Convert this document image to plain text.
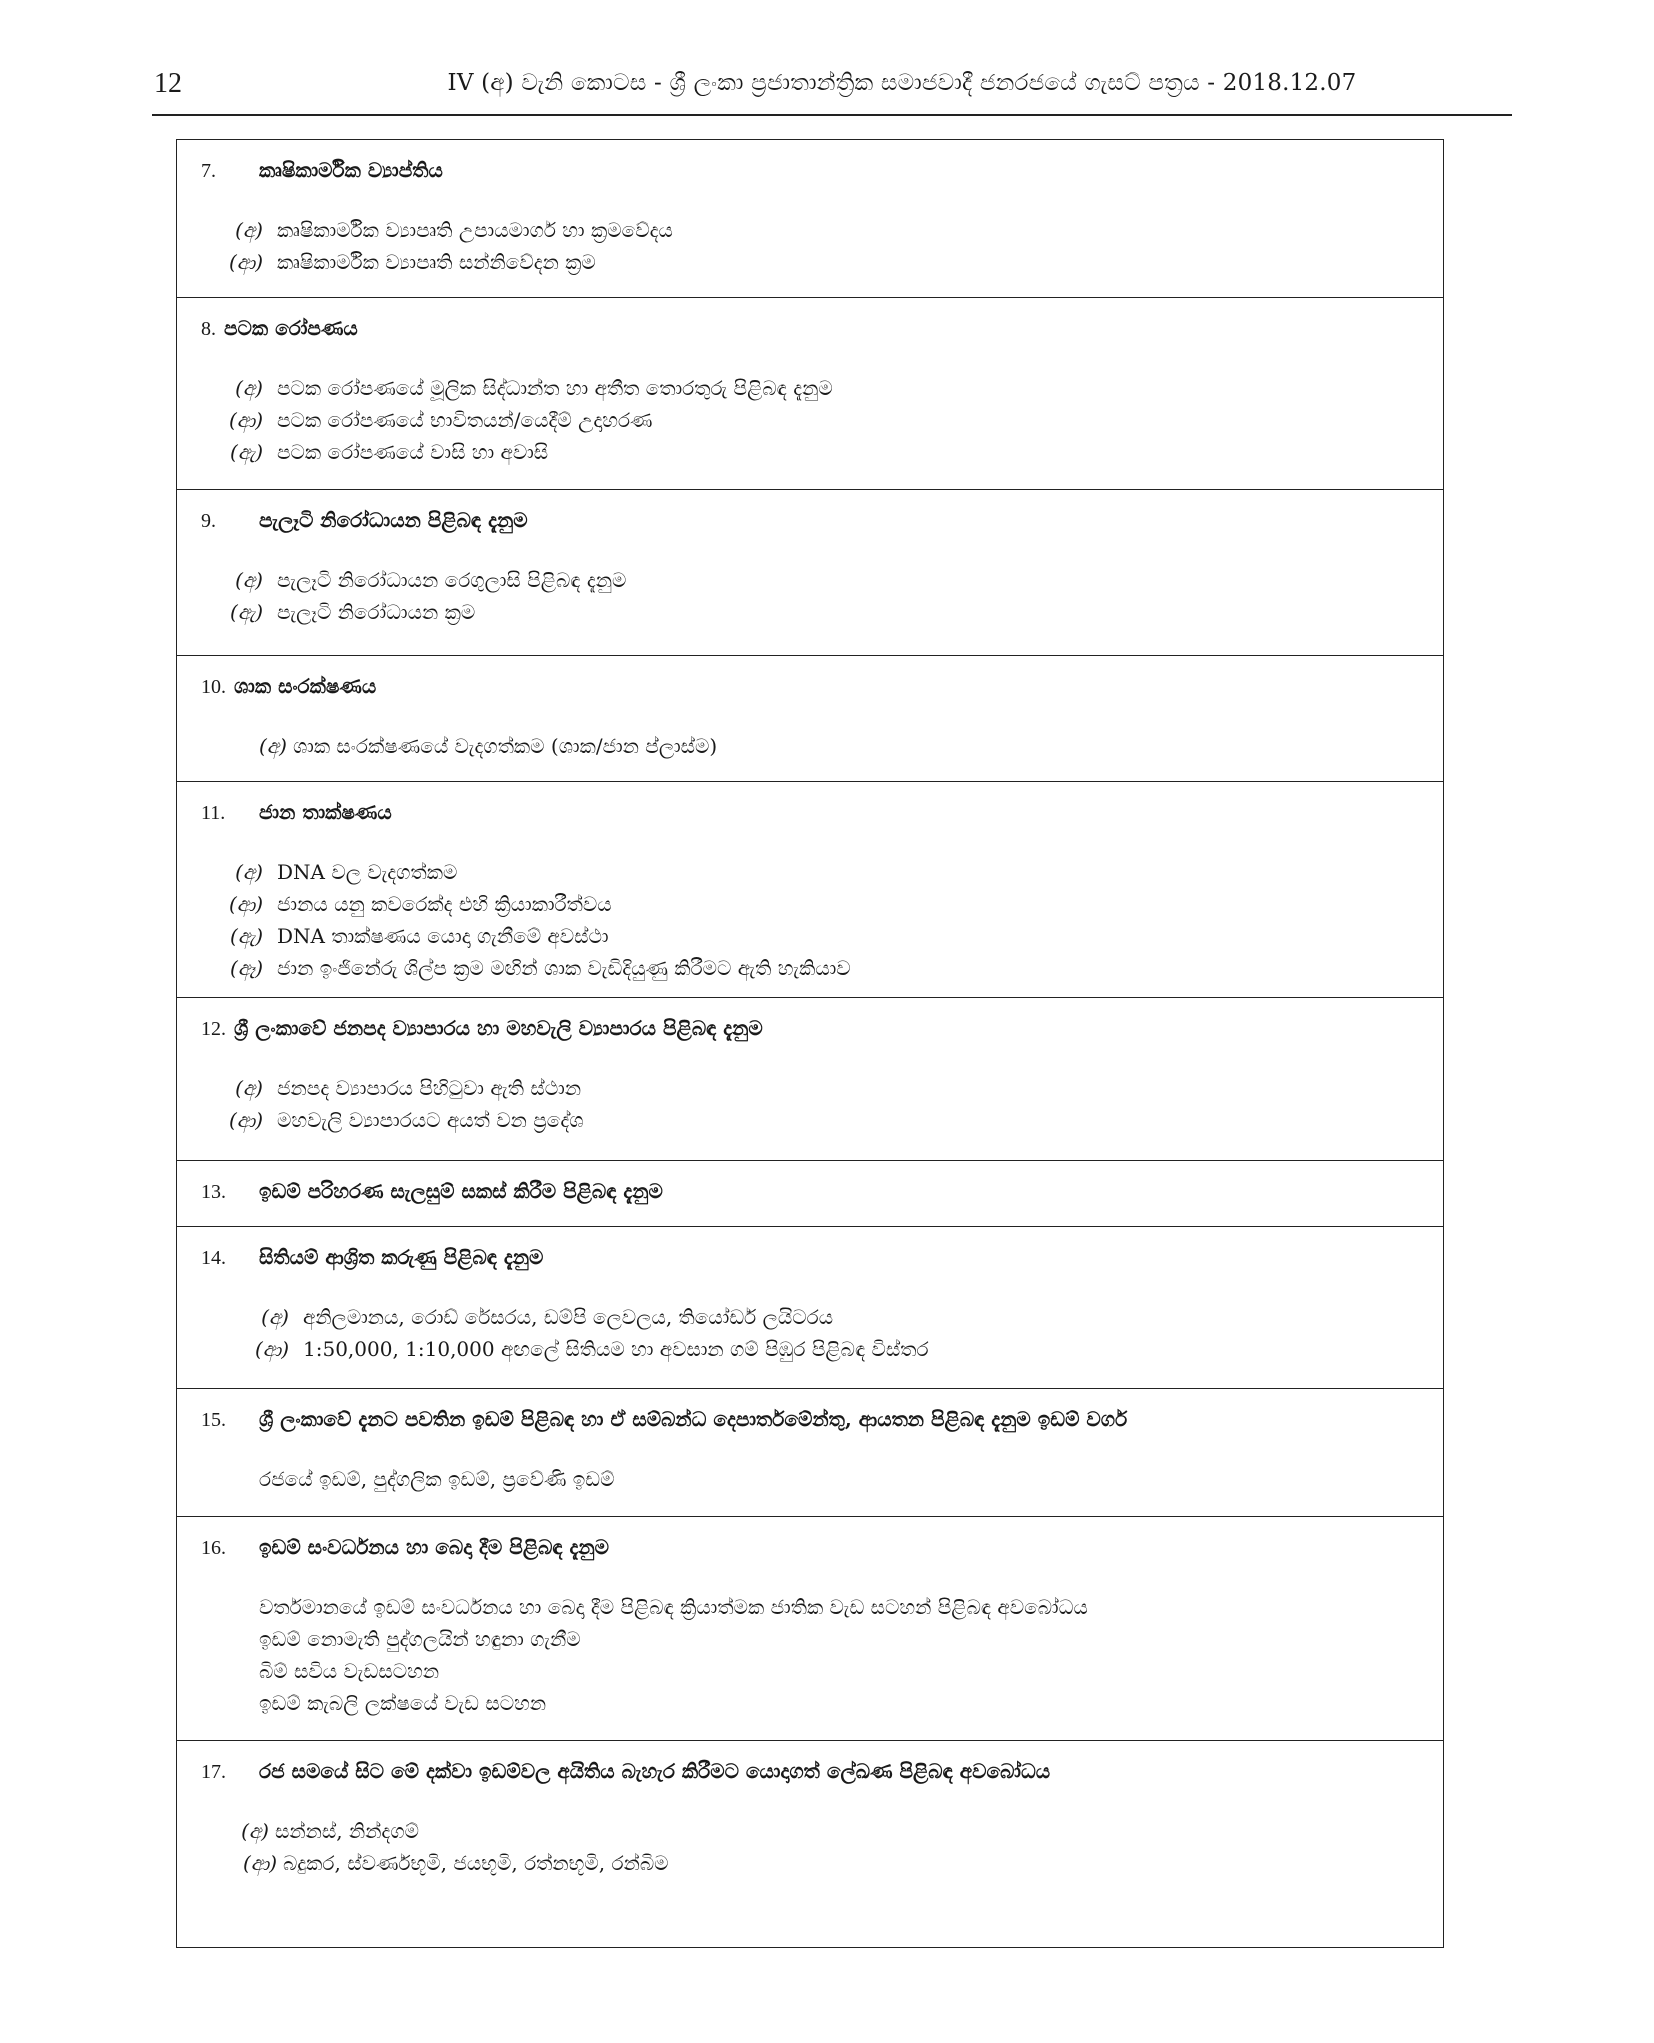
12	IV (අ) වැනි කොටස - ශ්‍රී ලංකා ප්‍රජාතාන්ත්‍රික සමාජවාදී ජනරජයේ ගැසට් පත්‍රය - 2018.12.07
7.	කෘෂිකාර්මික ව්‍යාප්තිය
(අ) කෘෂිකාර්මික ව්‍යාපෘති උපායමාර්ග හා ක්‍රමවේදය
(ආ) කෘෂිකාර්මික ව්‍යාපෘති සන්නිවේදන ක්‍රම
8. පටක රෝපණය
(අ) පටක රෝපණයේ මූලික සිද්ධාන්ත හා අතීත තොරතුරු පිළිබඳ දැනුම
(ආ) පටක රෝපණයේ භාවිතයන්/යෙදීම් උදාහරණ
(ඇ) පටක රෝපණයේ වාසි හා අවාසි
9.	පැලෑටි නිරෝධායන පිළිබඳ දැනුම
(අ) පැලෑටි නිරෝධායන රෙගුලාසි පිළිබඳ දැනුම
(ඇ) පැලෑටි නිරෝධායන ක්‍රම
10. ශාක සංරක්ෂණය
(අ) ශාක සංරක්ෂණයේ වැදගත්කම (ශාක/ජාන ප්ලාස්ම)
11.	ජාන තාක්ෂණය
(අ) DNA වල වැදගත්කම
(ආ) ජානය යනු කවරෙක්ද එහි ක්‍රියාකාරීත්වය
(ඇ) DNA තාක්ෂණය යොදා ගැනීමේ අවස්ථා
(ඈ) ජාන ඉංජිනේරු ශිල්ප ක්‍රම මඟින් ශාක වැඩිදියුණු කිරීමට ඇති හැකියාව
12. ශ්‍රී ලංකාවේ ජනපද ව්‍යාපාරය හා මහවැලි ව්‍යාපාරය පිළිබඳ දැනුම
(අ) ජනපද ව්‍යාපාරය පිහිටුවා ඇති ස්ථාන
(ආ) මහවැලි ව්‍යාපාරයට අයත් වන ප්‍රදේශ
13.	ඉඩම් පරිහරණ සැලසුම් සකස් කිරීම පිළිබඳ දැනුම
14.	සිතියම් ආශ්‍රිත කරුණු පිළිබඳ දැනුම
(අ) අනිලමානය, රොඩ් රේසරය, ඩම්පි ලෙවලය, තියෝඩර් ලයිටරය
(ආ) 1:50,000, 1:10,000 අඟලේ සිතියම හා අවසාන ගම් පිඹුර පිළිබඳ විස්තර
15.	ශ්‍රී ලංකාවේ දැනට පවතින ඉඩම් පිළිබඳ හා ඒ සම්බන්ධ දෙපාර්තමේන්තු, ආයතන පිළිබඳ දැනුම ඉඩම් වර්ග
රජයේ ඉඩම්, පුද්ගලික ඉඩම්, ප්‍රවේණි ඉඩම්
16.	ඉඩම් සංවර්ධනය හා බෙදා දීම පිළිබඳ දැනුම
වර්තමානයේ ඉඩම් සංවර්ධනය හා බෙදා දීම පිළිබඳ ක්‍රියාත්මක ජාතික වැඩ සටහන් පිළිබඳ අවබෝධය
ඉඩම් නොමැති පුද්ගලයින් හඳුනා ගැනීම
බිම් සවිය වැඩසටහන
ඉඩම් කැබලි ලක්ෂයේ වැඩ සටහන
17.	රජ සමයේ සිට මේ දක්වා ඉඩම්වල අයිතිය බැහැර කිරීමට යොදාගත් ලේඛණ පිළිබඳ අවබෝධය
(අ) සන්නස්, නින්දගම්
(ආ) බදුකර, ස්වර්ණභූමි, ජයභූමි, රත්නභූමි, රන්බිම
